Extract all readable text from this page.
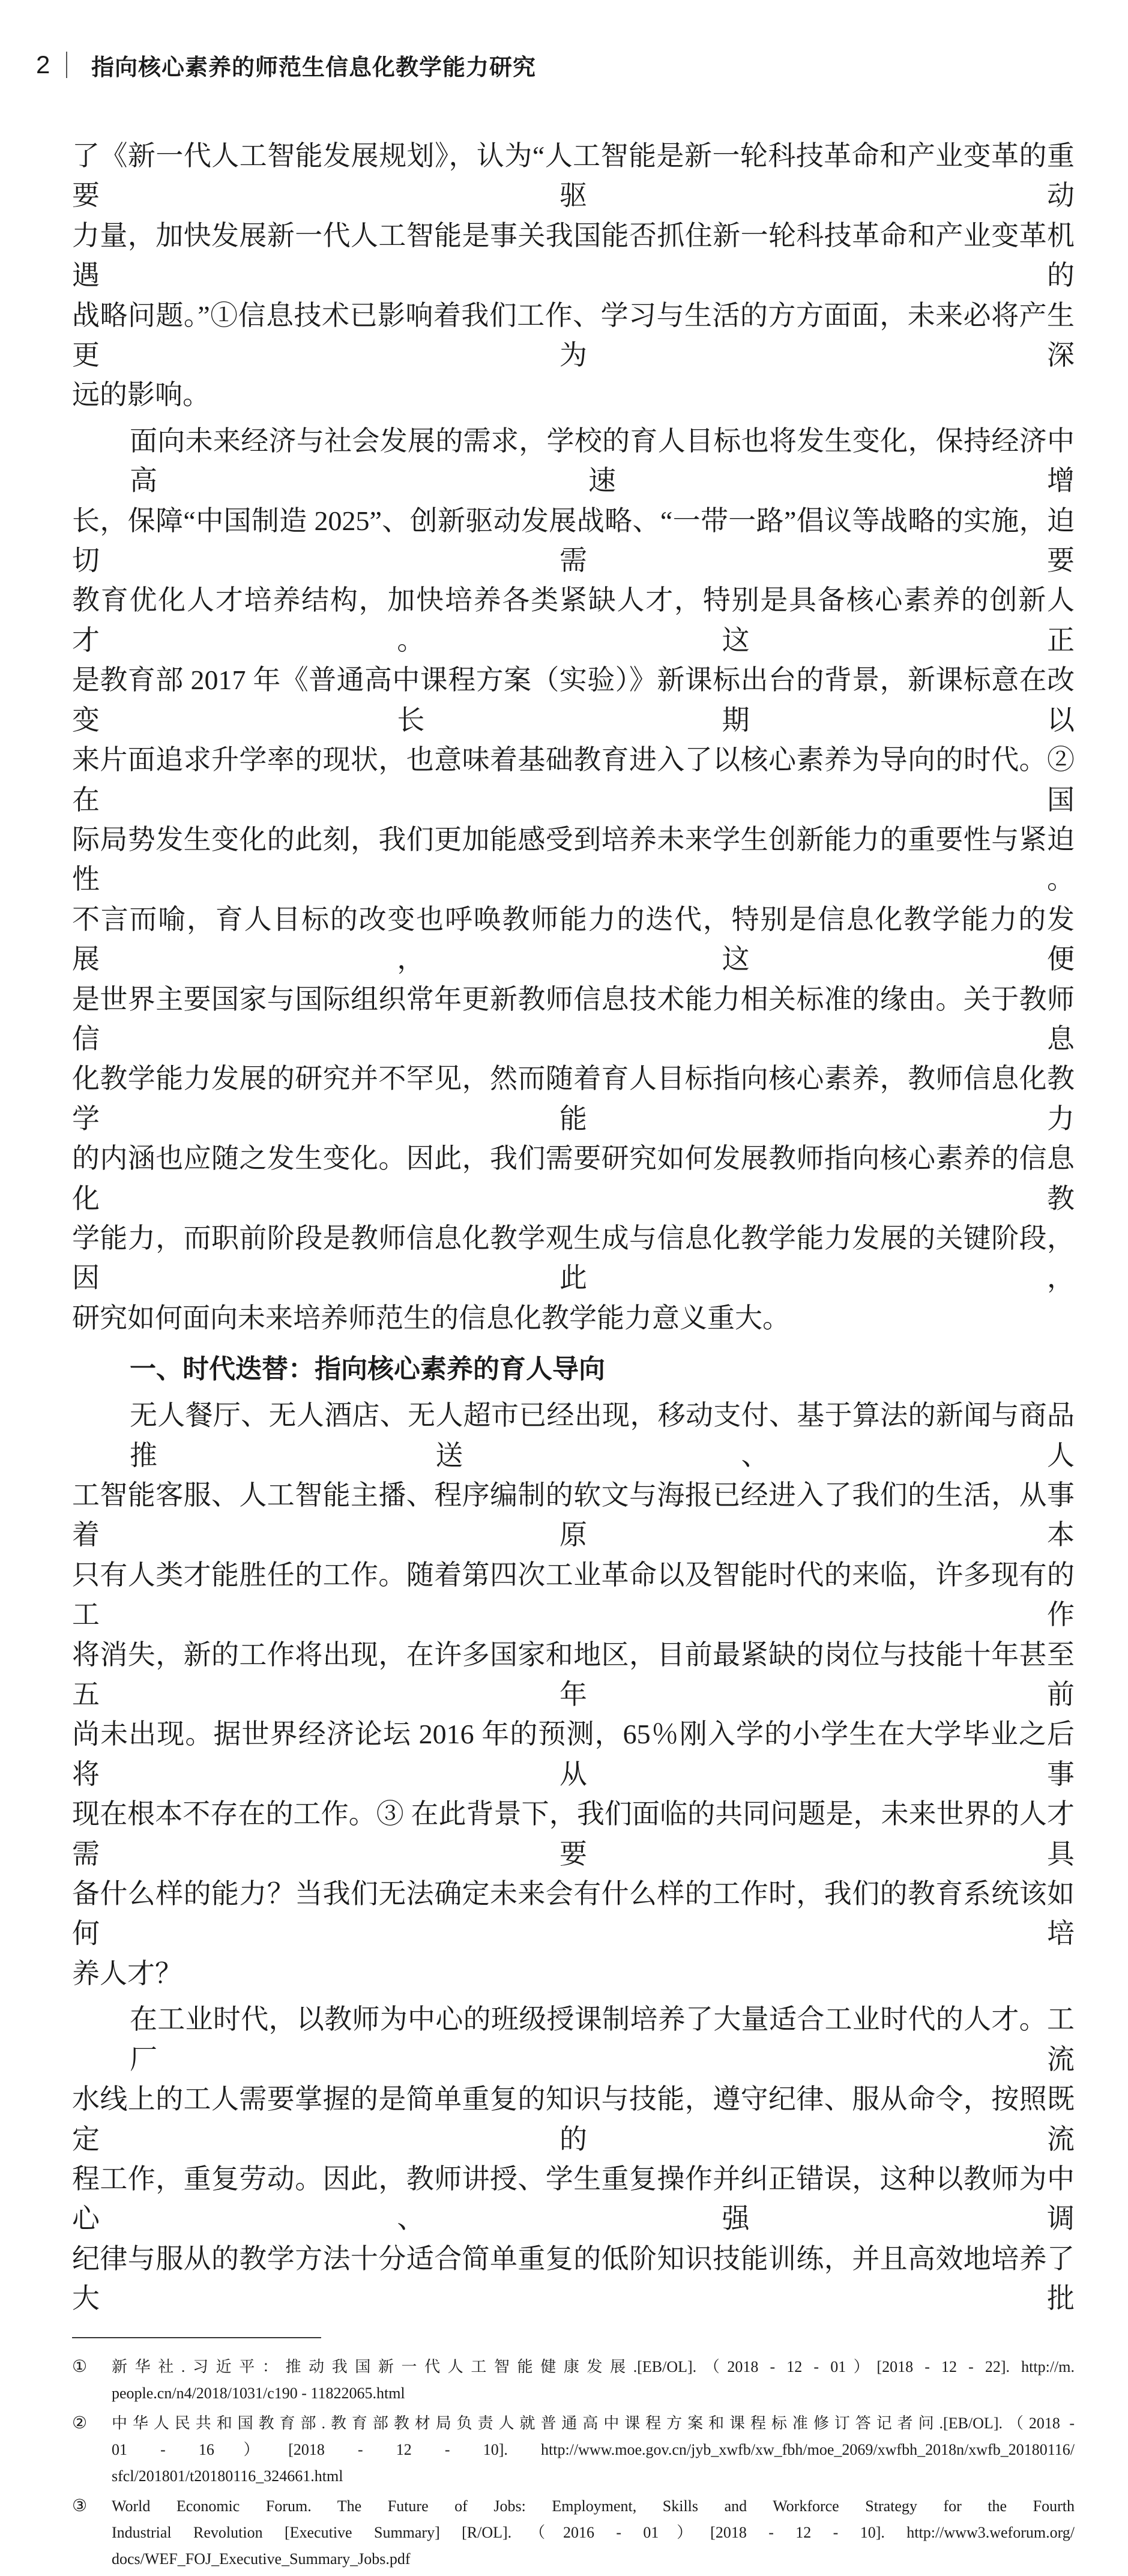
2	指向核心素养的师范生信息化教学能力研究
了《新一代人工智能发展规划》，认为“人工智能是新一轮科技革命和产业变革的重要驱动
力量，加快发展新一代人工智能是事关我国能否抓住新一轮科技革命和产业变革机遇的
战略问题。”①信息技术已影响着我们工作、学习与生活的方方面面，未来必将产生更为深
远的影响。
面向未来经济与社会发展的需求，学校的育人目标也将发生变化，保持经济中高速增
长，保障“中国制造 2025”、创新驱动发展战略、“一带一路”倡议等战略的实施，迫切需要
教育优化人才培养结构，加快培养各类紧缺人才，特别是具备核心素养的创新人才。这正
是教育部 2017 年《普通高中课程方案（实验）》新课标出台的背景，新课标意在改变长期以
来片面追求升学率的现状，也意味着基础教育进入了以核心素养为导向的时代。② 在国
际局势发生变化的此刻，我们更加能感受到培养未来学生创新能力的重要性与紧迫性。
不言而喻，育人目标的改变也呼唤教师能力的迭代，特别是信息化教学能力的发展，这便
是世界主要国家与国际组织常年更新教师信息技术能力相关标准的缘由。关于教师信息
化教学能力发展的研究并不罕见，然而随着育人目标指向核心素养，教师信息化教学能力
的内涵也应随之发生变化。因此，我们需要研究如何发展教师指向核心素养的信息化教
学能力，而职前阶段是教师信息化教学观生成与信息化教学能力发展的关键阶段，因此，
研究如何面向未来培养师范生的信息化教学能力意义重大。
一、时代迭替：指向核心素养的育人导向
无人餐厅、无人酒店、无人超市已经出现，移动支付、基于算法的新闻与商品推送、人
工智能客服、人工智能主播、程序编制的软文与海报已经进入了我们的生活，从事着原本
只有人类才能胜任的工作。随着第四次工业革命以及智能时代的来临，许多现有的工作
将消失，新的工作将出现，在许多国家和地区，目前最紧缺的岗位与技能十年甚至五年前
尚未出现。据世界经济论坛 2016 年的预测，65％刚入学的小学生在大学毕业之后将从事
现在根本不存在的工作。③ 在此背景下，我们面临的共同问题是，未来世界的人才需要具
备什么样的能力？当我们无法确定未来会有什么样的工作时，我们的教育系统该如何培
养人才？
在工业时代，以教师为中心的班级授课制培养了大量适合工业时代的人才。工厂流
水线上的工人需要掌握的是简单重复的知识与技能，遵守纪律、服从命令，按照既定的流
程工作，重复劳动。因此，教师讲授、学生重复操作并纠正错误，这种以教师为中心、强调
纪律与服从的教学方法十分适合简单重复的低阶知识技能训练，并且高效地培养了大批
① 新华社.习近平：推动我国新一代人工智能健康发展.[EB/OL].（2018 - 12 - 01）[2018 - 12 - 22]. http://m.
people.cn/n4/2018/1031/c190 - 11822065.html
② 中华人民共和国教育部.教育部教材局负责人就普通高中课程方案和课程标准修订答记者问.[EB/OL].（2018 -
01 - 16）[2018 - 12 - 10]. http://www.moe.gov.cn/jyb_xwfb/xw_fbh/moe_2069/xwfbh_2018n/xwfb_20180116/
sfcl/201801/t20180116_324661.html
③ World Economic Forum. The Future of Jobs: Employment, Skills and Workforce Strategy for the Fourth
Industrial Revolution [Executive Summary] [R/OL].（2016 - 01）[2018 - 12 - 10]. http://www3.weforum.org/
docs/WEF_FOJ_Executive_Summary_Jobs.pdf
